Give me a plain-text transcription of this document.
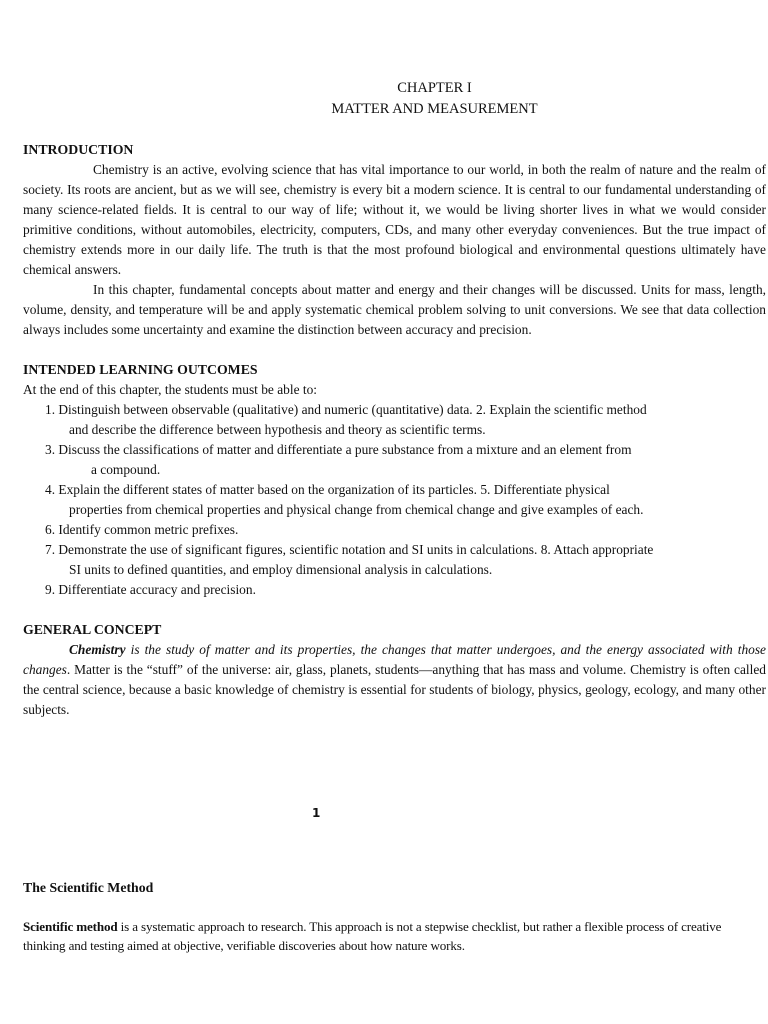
CHAPTER I
MATTER AND MEASUREMENT
INTRODUCTION

Chemistry is an active, evolving science that has vital importance to our world, in both the realm of nature and the realm of society. Its roots are ancient, but as we will see, chemistry is every bit a modern science. It is central to our fundamental understanding of many science-related fields. It is central to our way of life; without it, we would be living shorter lives in what we would consider primitive conditions, without automobiles, electricity, computers, CDs, and many other everyday conveniences. But the true impact of chemistry extends more in our daily life. The truth is that the most profound biological and environmental questions ultimately have chemical answers.

In this chapter, fundamental concepts about matter and energy and their changes will be discussed. Units for mass, length, volume, density, and temperature will be and apply systematic chemical problem solving to unit conversions. We see that data collection always includes some uncertainty and examine the distinction between accuracy and precision.

INTENDED LEARNING OUTCOMES
At the end of this chapter, the students must be able to:
1. Distinguish between observable (qualitative) and numeric (quantitative) data. 2. Explain the scientific method
and describe the difference between hypothesis and theory as scientific terms.
3. Discuss the classifications of matter and differentiate a pure substance from a mixture and an element from
a compound.
4. Explain the different states of matter based on the organization of its particles. 5. Differentiate physical
properties from chemical properties and physical change from chemical change and give examples of each.
6. Identify common metric prefixes.
7. Demonstrate the use of significant figures, scientific notation and SI units in calculations. 8. Attach appropriate
SI units to defined quantities, and employ dimensional analysis in calculations.
9. Differentiate accuracy and precision.
GENERAL CONCEPT

Chemistry is the study of matter and its properties, the changes that matter undergoes, and the energy associated with those changes. Matter is the “stuff” of the universe: air, glass, planets, students—anything that has mass and volume. Chemistry is often called the central science, because a basic knowledge of chemistry is essential for students of biology, physics, geology, ecology, and many other subjects.

1
The Scientific Method
Scientific method is a systematic approach to research. This approach is not a stepwise checklist, but rather a flexible process of creative thinking and testing aimed at objective, verifiable discoveries about how nature works.
